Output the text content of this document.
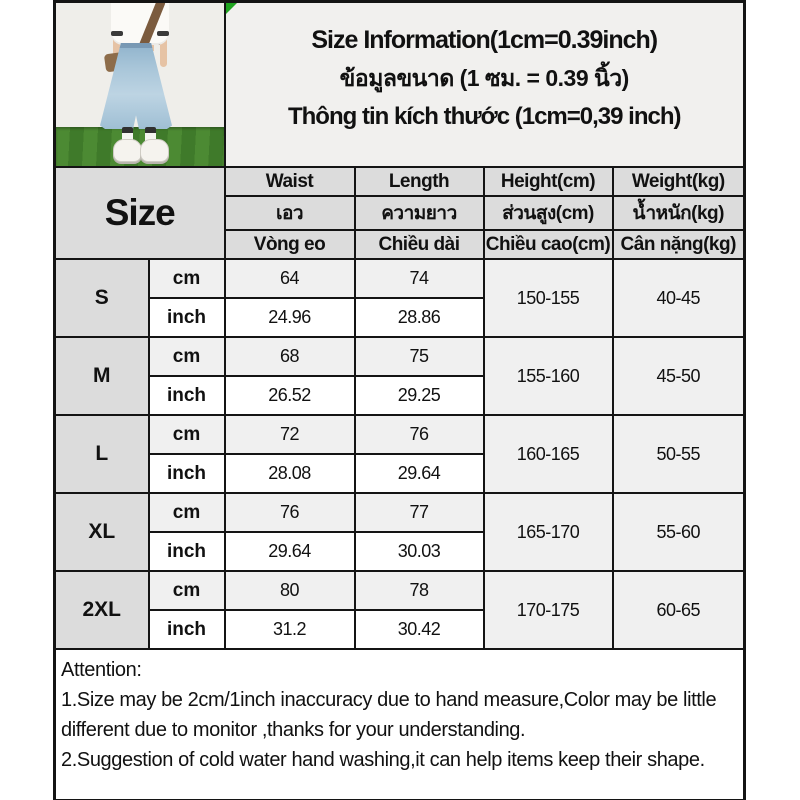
		Size Information(1cm=0.39inch)
ข้อมูลขนาด (1 ซม. = 0.39 นิ้ว)
Thông tin kích thước (1cm=0,39 inch)			

Size		Waist	Length	Height(cm)	Weight(kg)
		เอว	ความยาว	ส่วนสูง(cm)	น้ำหนัก(kg)
		Vòng eo	Chiều dài	Chiều cao(cm)	Cân nặng(kg)
S	cm	64	74	150-155	40-45
	inch	24.96	28.86		
M	cm	68	75	155-160	45-50
	inch	26.52	29.25		
L	cm	72	76	160-165	50-55
	inch	28.08	29.64		
XL	cm	76	77	165-170	55-60
	inch	29.64	30.03		
2XL	cm	80	78	170-175	60-65
	inch	31.2	30.42		

Attention:

1.Size may be 2cm/1inch inaccuracy due to hand measure,Color may be little different due to monitor ,thanks for your understanding.

2.Suggestion of cold water hand washing,it can help items keep their shape.					
